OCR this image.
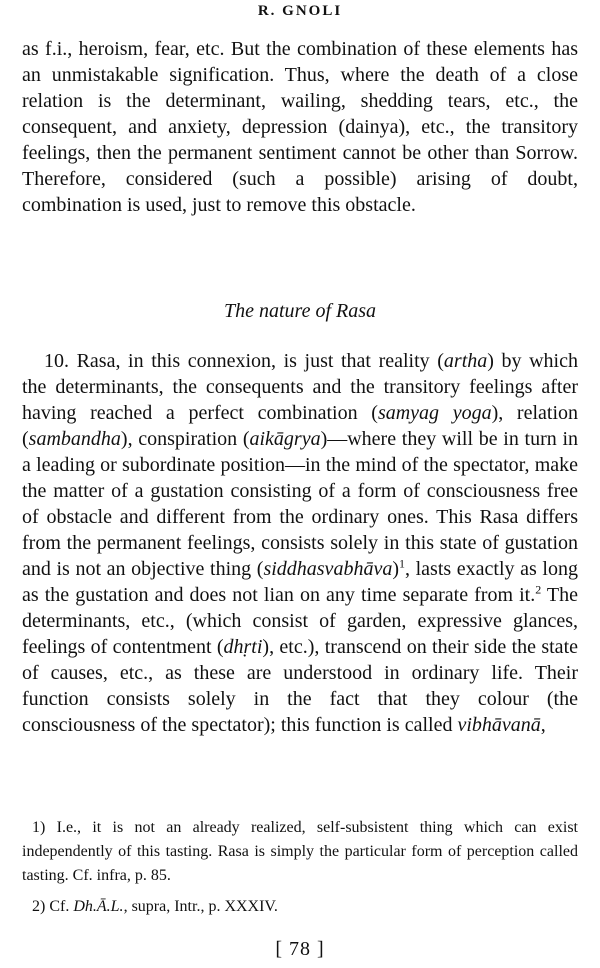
R. GNOLI
as f.i., heroism, fear, etc. But the combination of these elements has an unmistakable signification. Thus, where the death of a close relation is the determinant, wailing, shedding tears, etc., the consequent, and anxiety, depression (dainya), etc., the transitory feelings, then the permanent sentiment cannot be other than Sorrow. Therefore, considered (such a possible) arising of doubt, combination is used, just to remove this obstacle.
The nature of Rasa
10. Rasa, in this connexion, is just that reality (artha) by which the determinants, the consequents and the transitory feelings after having reached a perfect combination (samyag yoga), relation (sambandha), conspiration (aikāgrya)—where they will be in turn in a leading or subordinate position—in the mind of the spectator, make the matter of a gustation consisting of a form of consciousness free of obstacle and different from the ordinary ones. This Rasa differs from the permanent feelings, consists solely in this state of gustation and is not an objective thing (siddhasvabhāva)$^1$, lasts exactly as long as the gustation and does not lian on any time separate from it.$^2$ The determinants, etc., (which consist of garden, expressive glances, feelings of contentment (dhṛti), etc.), transcend on their side the state of causes, etc., as these are understood in ordinary life. Their function consists solely in the fact that they colour (the consciousness of the spectator); this function is called vibhāvanā,
1) I.e., it is not an already realized, self-subsistent thing which can exist independently of this tasting. Rasa is simply the particular form of perception called tasting. Cf. infra, p. 85.
2) Cf. Dh.Ā.L., supra, Intr., p. XXXIV.
[ 78 ]
